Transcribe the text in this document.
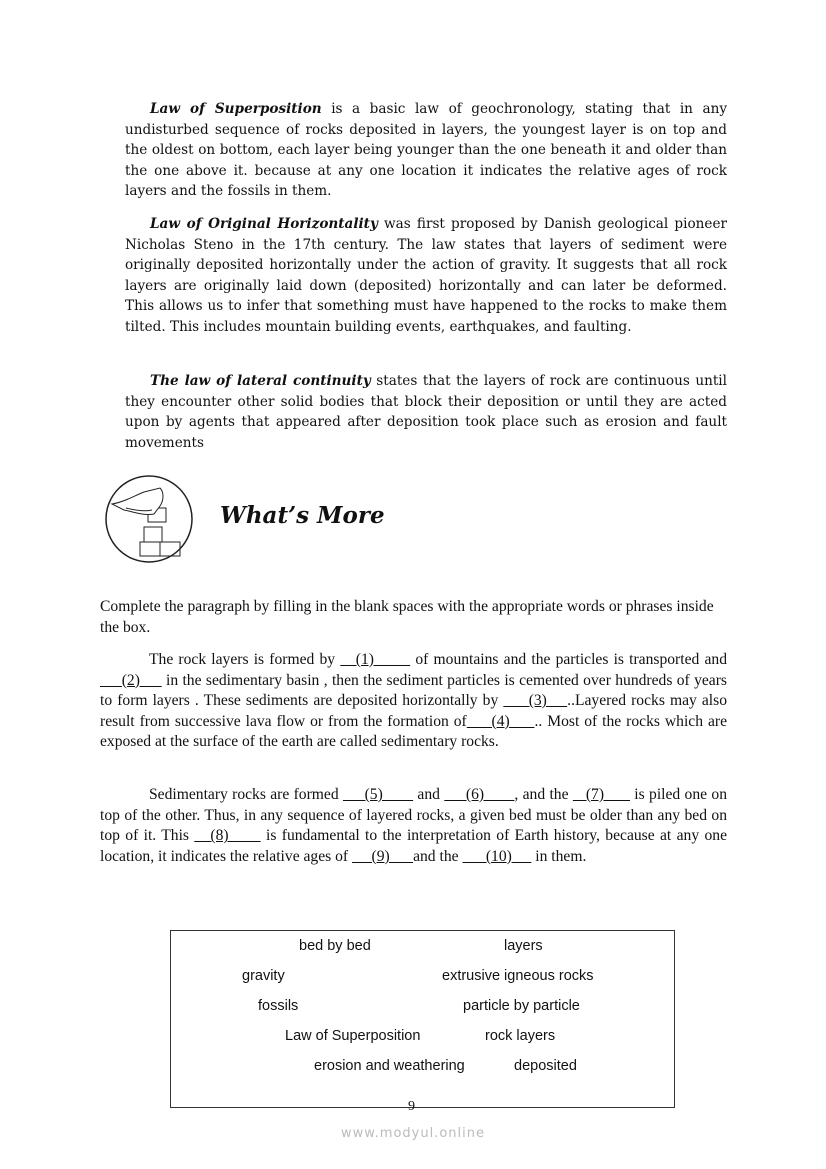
Law of Superposition is a basic law of geochronology, stating that in any undisturbed sequence of rocks deposited in layers, the youngest layer is on top and the oldest on bottom, each layer being younger than the one beneath it and older than the one above it. because at any one location it indicates the relative ages of rock layers and the fossils in them.
Law of Original Horizontality was first proposed by Danish geological pioneer Nicholas Steno in the 17th century. The law states that layers of sediment were originally deposited horizontally under the action of gravity. It suggests that all rock layers are originally laid down (deposited) horizontally and can later be deformed. This allows us to infer that something must have happened to the rocks to make them tilted. This includes mountain building events, earthquakes, and faulting.
The law of lateral continuity states that the layers of rock are continuous until they encounter other solid bodies that block their deposition or until they are acted upon by agents that appeared after deposition took place such as erosion and fault movements
What’s More
Complete the paragraph by filling in the blank spaces with the appropriate words or phrases inside the box.
The rock layers is formed by    (1)        of mountains and the particles is transported and      (2)      in the sedimentary basin , then the sediment particles is cemented over hundreds of years to form layers . These sediments are deposited horizontally by      (3)    ..Layered rocks may also result from successive lava flow or from the formation of     (4)     .. Most of the rocks which are exposed at the surface of the earth are called sedimentary rocks.
Sedimentary rocks are formed      (5)        and      (6)       , and the    (7)       is piled one on top of the other. Thus, in any sequence of layered rocks, a given bed must be older than any bed on top of it. This    (8)       is fundamental to the interpretation of Earth history, because at any one location, it indicates the relative ages of      (9)      and the       (10)      in them.
bed by bed	layers
gravity	extrusive igneous rocks
fossils	particle by particle
Law of Superposition	rock layers
erosion and weathering	deposited
9
www.modyul.online
